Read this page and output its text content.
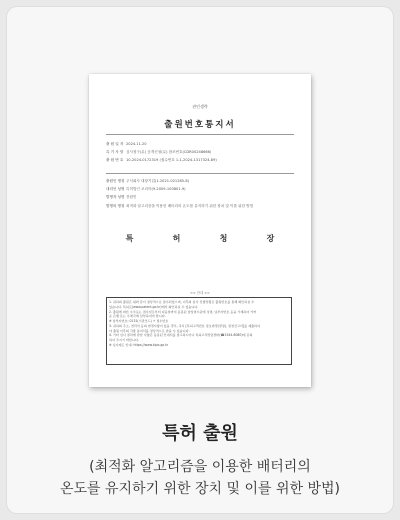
관인생략
출원번호통지서
출 원 일 자 2024.11.20
특 기 사 항 심사청구(무) 공개신청(무) 참조번호(CDR00248666)
출 원 번 호 10-2024-0172319 (접수번호 1-1-2024-1317324-89)
출원인 명칭 주식회사 대창기업(1-2021-021285-8)
대리인 성명 특허법인 코리아(9-2009-100801-9)
발명자 성명 전원민
발명의 명칭 최적화 알고리즘을 이용한 배터리의 온도를 유지하기 위한 장치 및 이를 위한 방법
특	허	청	장
<< 안내 >>
1. 귀하의 출원은 위와 같이 정상적으로 접수되었으며, 이후의 심사 진행상황은 출원번호를 통해 확인하실 수
있습니다. 특허로(www.patent.go.kr)에서 확인하실 수 있습니다.
2. 출원에 따른 수수료는 접수일로부터 다음날까지 동봉된 납입영수증에 성명, 납부자번호 등을 기재하여 가까
운 은행 또는 우체국에 납부하여야 합니다.
※ 납부자번호: 0131(기관코드) + 접수번호
3. 귀하의 주소, 연락처 등의 변경사항이 있을 경우, 즉시 [특허고객번호 정보변경(경정), 정정신고서]를 제출하여
야 출원 이후의 각종 통지서를 정상적으로 받을 수 있습니다.
4. 기타 심사 절차에 관한 사항은 동봉된 안내서를 참고하시거나 특허고객상담센터(☎1544-8080)에 문의
하여 주시기 바랍니다.
※ 심사제도 안내: https://www.kipo.go.kr
특허 출원
(최적화 알고리즘을 이용한 배터리의
온도를 유지하기 위한 장치 및 이를 위한 방법)
